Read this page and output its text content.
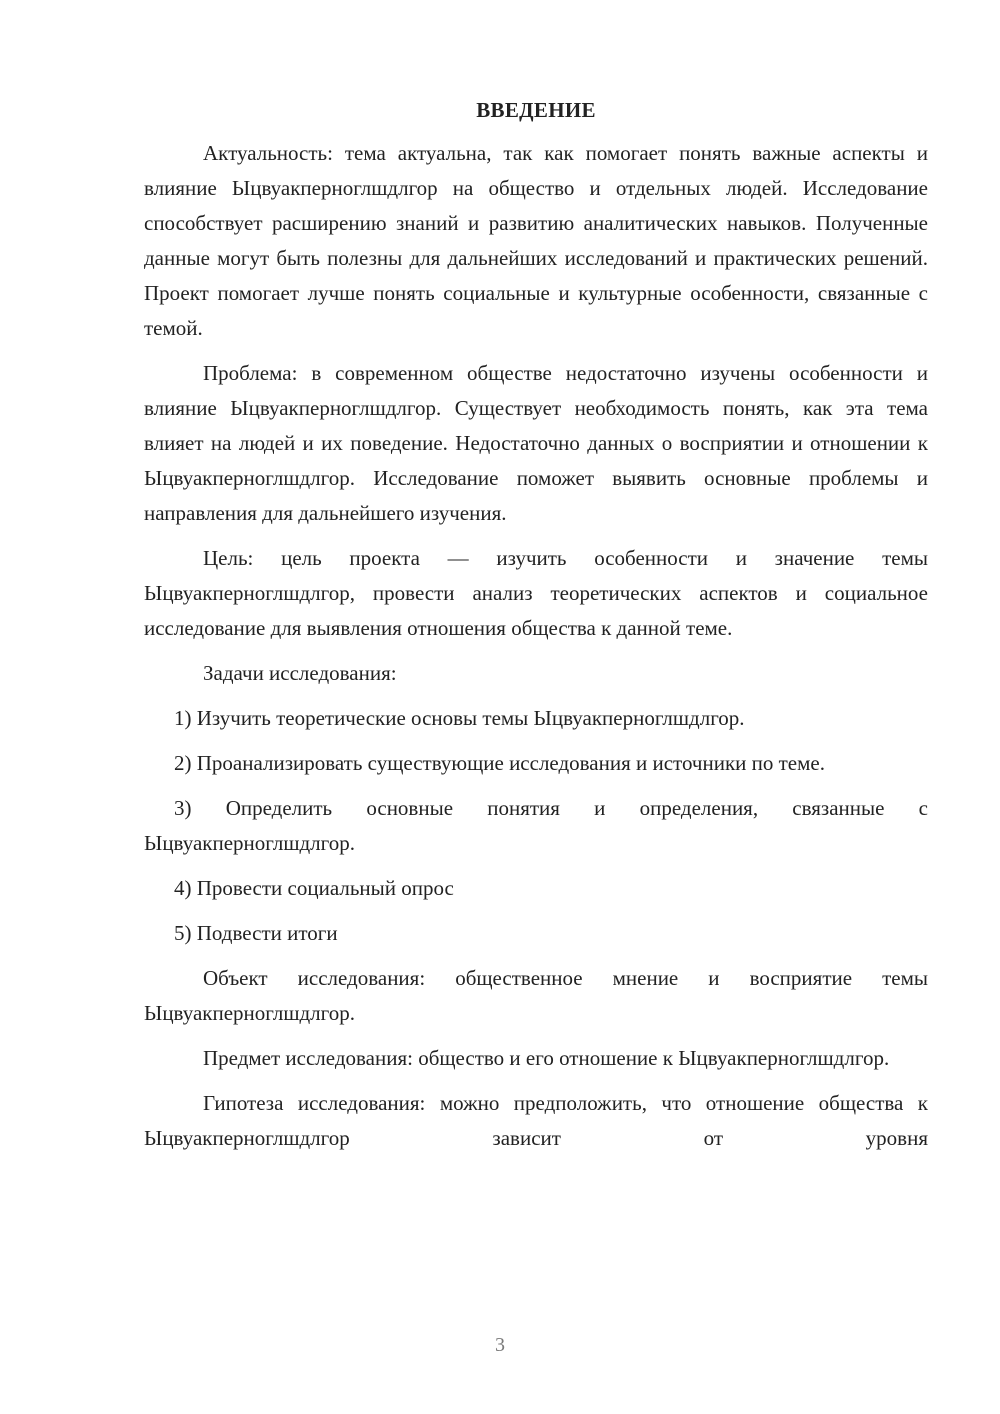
ВВЕДЕНИЕ

Актуальность: тема актуальна, так как помогает понять важные аспекты и влияние Ыцвуакперноглшдлгор на общество и отдельных людей. Исследование способствует расширению знаний и развитию аналитических навыков. Полученные данные могут быть полезны для дальнейших исследований и практических решений. Проект помогает лучше понять социальные и культурные особенности, связанные с темой.

Проблема: в современном обществе недостаточно изучены особенности и влияние Ыцвуакперноглшдлгор. Существует необходимость понять, как эта тема влияет на людей и их поведение. Недостаточно данных о восприятии и отношении к Ыцвуакперноглшдлгор. Исследование поможет выявить основные проблемы и направления для дальнейшего изучения.

Цель: цель проекта — изучить особенности и значение темы Ыцвуакперноглшдлгор, провести анализ теоретических аспектов и социальное исследование для выявления отношения общества к данной теме.

Задачи исследования:

1) Изучить теоретические основы темы Ыцвуакперноглшдлгор.

2) Проанализировать существующие исследования и источники по теме.

3) Определить основные понятия и определения, связанные с Ыцвуакперноглшдлгор.

4) Провести социальный опрос

5) Подвести итоги

Объект исследования: общественное мнение и восприятие темы Ыцвуакперноглшдлгор.

Предмет исследования: общество и его отношение к Ыцвуакперноглшдлгор.

Гипотеза исследования: можно предположить, что отношение общества к Ыцвуакперноглшдлгор зависит от уровня

3
